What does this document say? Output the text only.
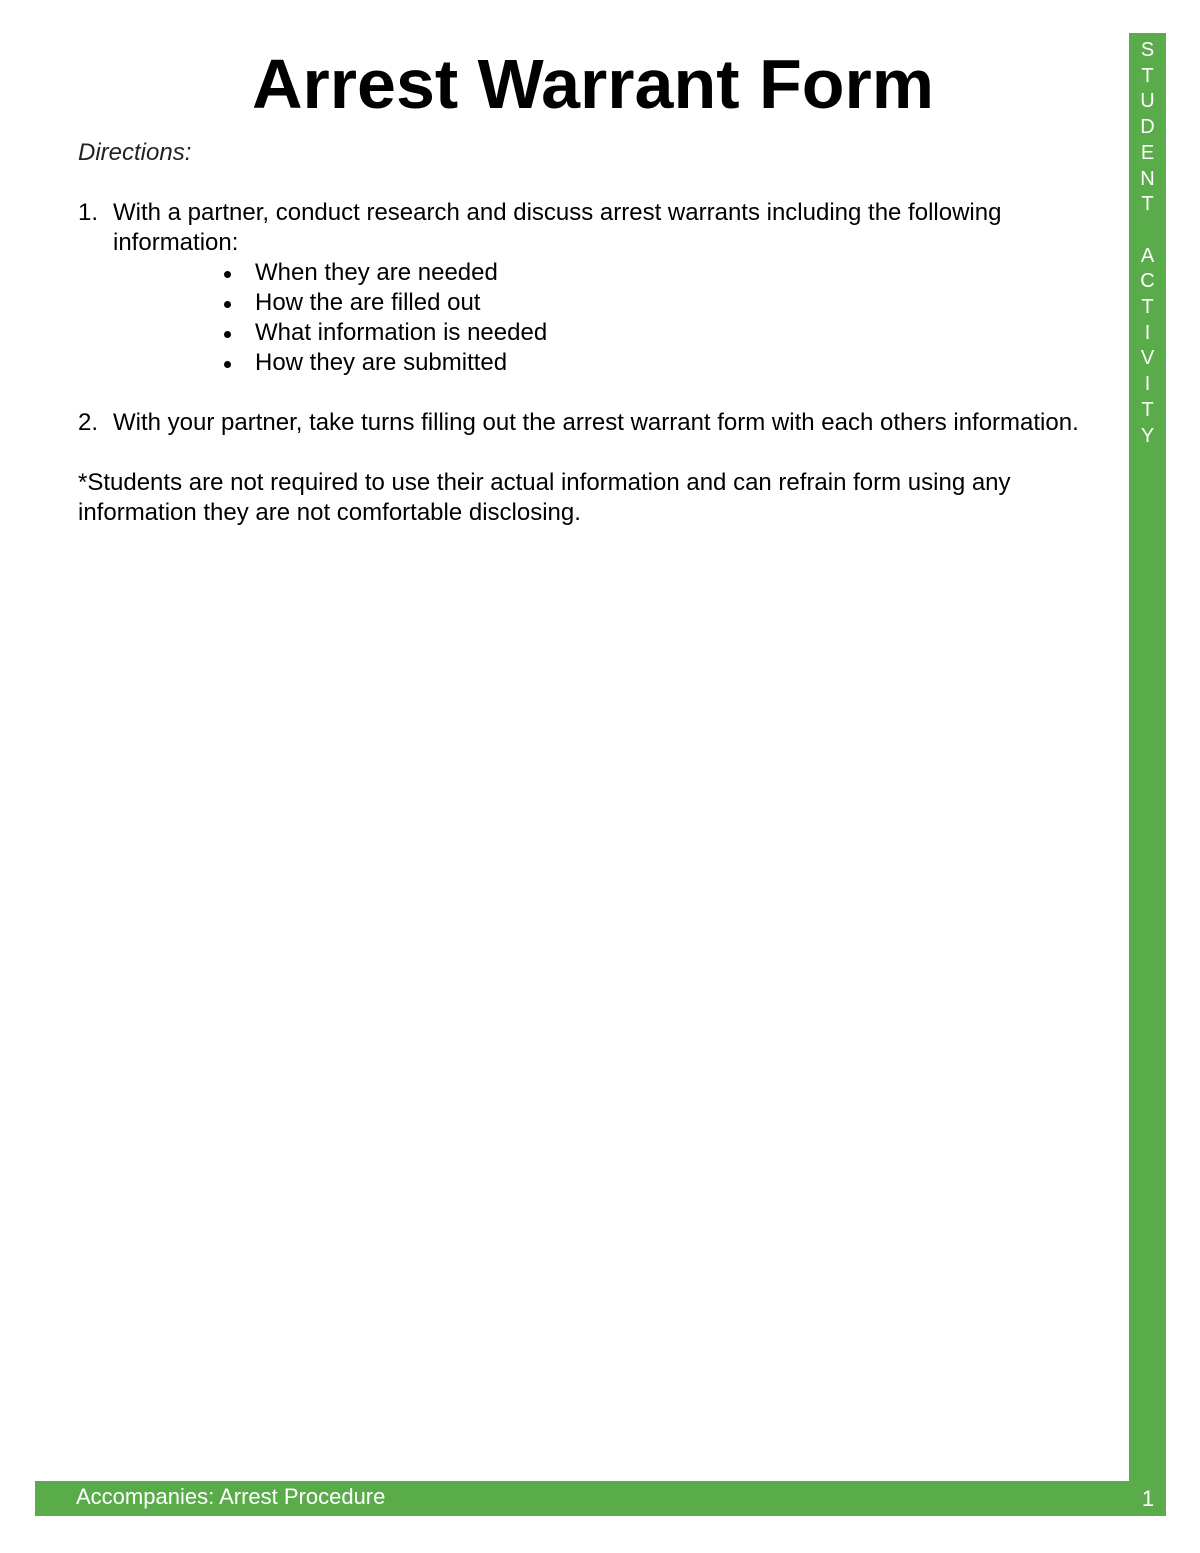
Arrest Warrant Form

Directions:

1. With a partner, conduct research and discuss arrest warrants including the following information:
When they are needed
How the are filled out
What information is needed
How they are submitted
2. With your partner, take turns filling out the arrest warrant form with each others information.
*Students are not required to use their actual information and can refrain form using any information they are not comfortable disclosing.
S
T
U
D
E
N
T
A
C
T
I
V
I
T
Y
Accompanies: Arrest Procedure	1
